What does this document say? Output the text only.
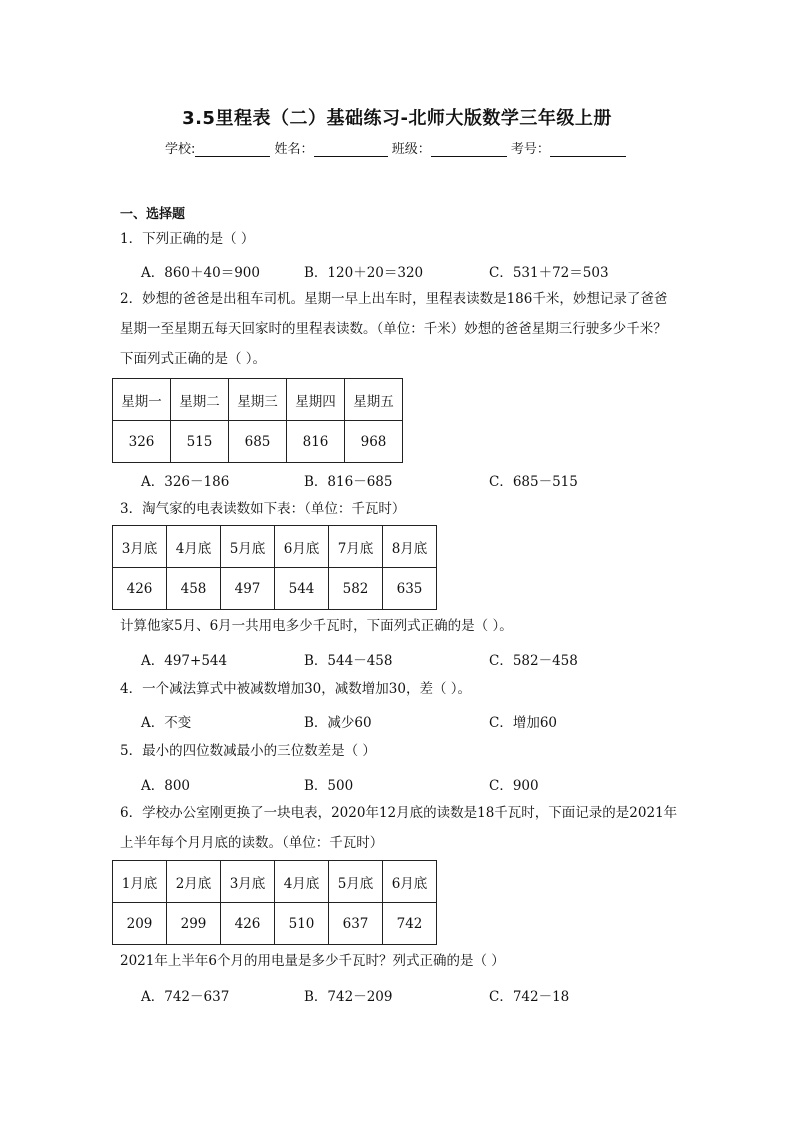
3.5里程表（二）基础练习-北师大版数学三年级上册
学校:	姓名：	班级：	考号：
一、选择题
1．下列正确的是（ ）
A．860＋40＝900	B．120＋20＝320	C．531＋72＝503
2．妙想的爸爸是出租车司机。星期一早上出车时，里程表读数是186千米，妙想记录了爸爸星期一至星期五每天回家时的里程表读数。（单位：千米）妙想的爸爸星期三行驶多少千米？下面列式正确的是（ ）。
星期一	星期二	星期三	星期四	星期五
326	515	685	816	968
A．326－186	B．816－685	C．685－515
3．淘气家的电表读数如下表：（单位：千瓦时）
3月底	4月底	5月底	6月底	7月底	8月底
426	458	497	544	582	635
计算他家5月、6月一共用电多少千瓦时，下面列式正确的是（ ）。
A．497+544	B．544－458	C．582－458
4．一个减法算式中被减数增加30，减数增加30，差（ ）。
A．不变	B．减少60	C．增加60
5．最小的四位数减最小的三位数差是（ ）
A．800	B．500	C．900
6．学校办公室刚更换了一块电表，2020年12月底的读数是18千瓦时，下面记录的是2021年上半年每个月月底的读数。（单位：千瓦时）
1月底	2月底	3月底	4月底	5月底	6月底
209	299	426	510	637	742
2021年上半年6个月的用电量是多少千瓦时？列式正确的是（ ）
A．742－637	B．742－209	C．742－18
